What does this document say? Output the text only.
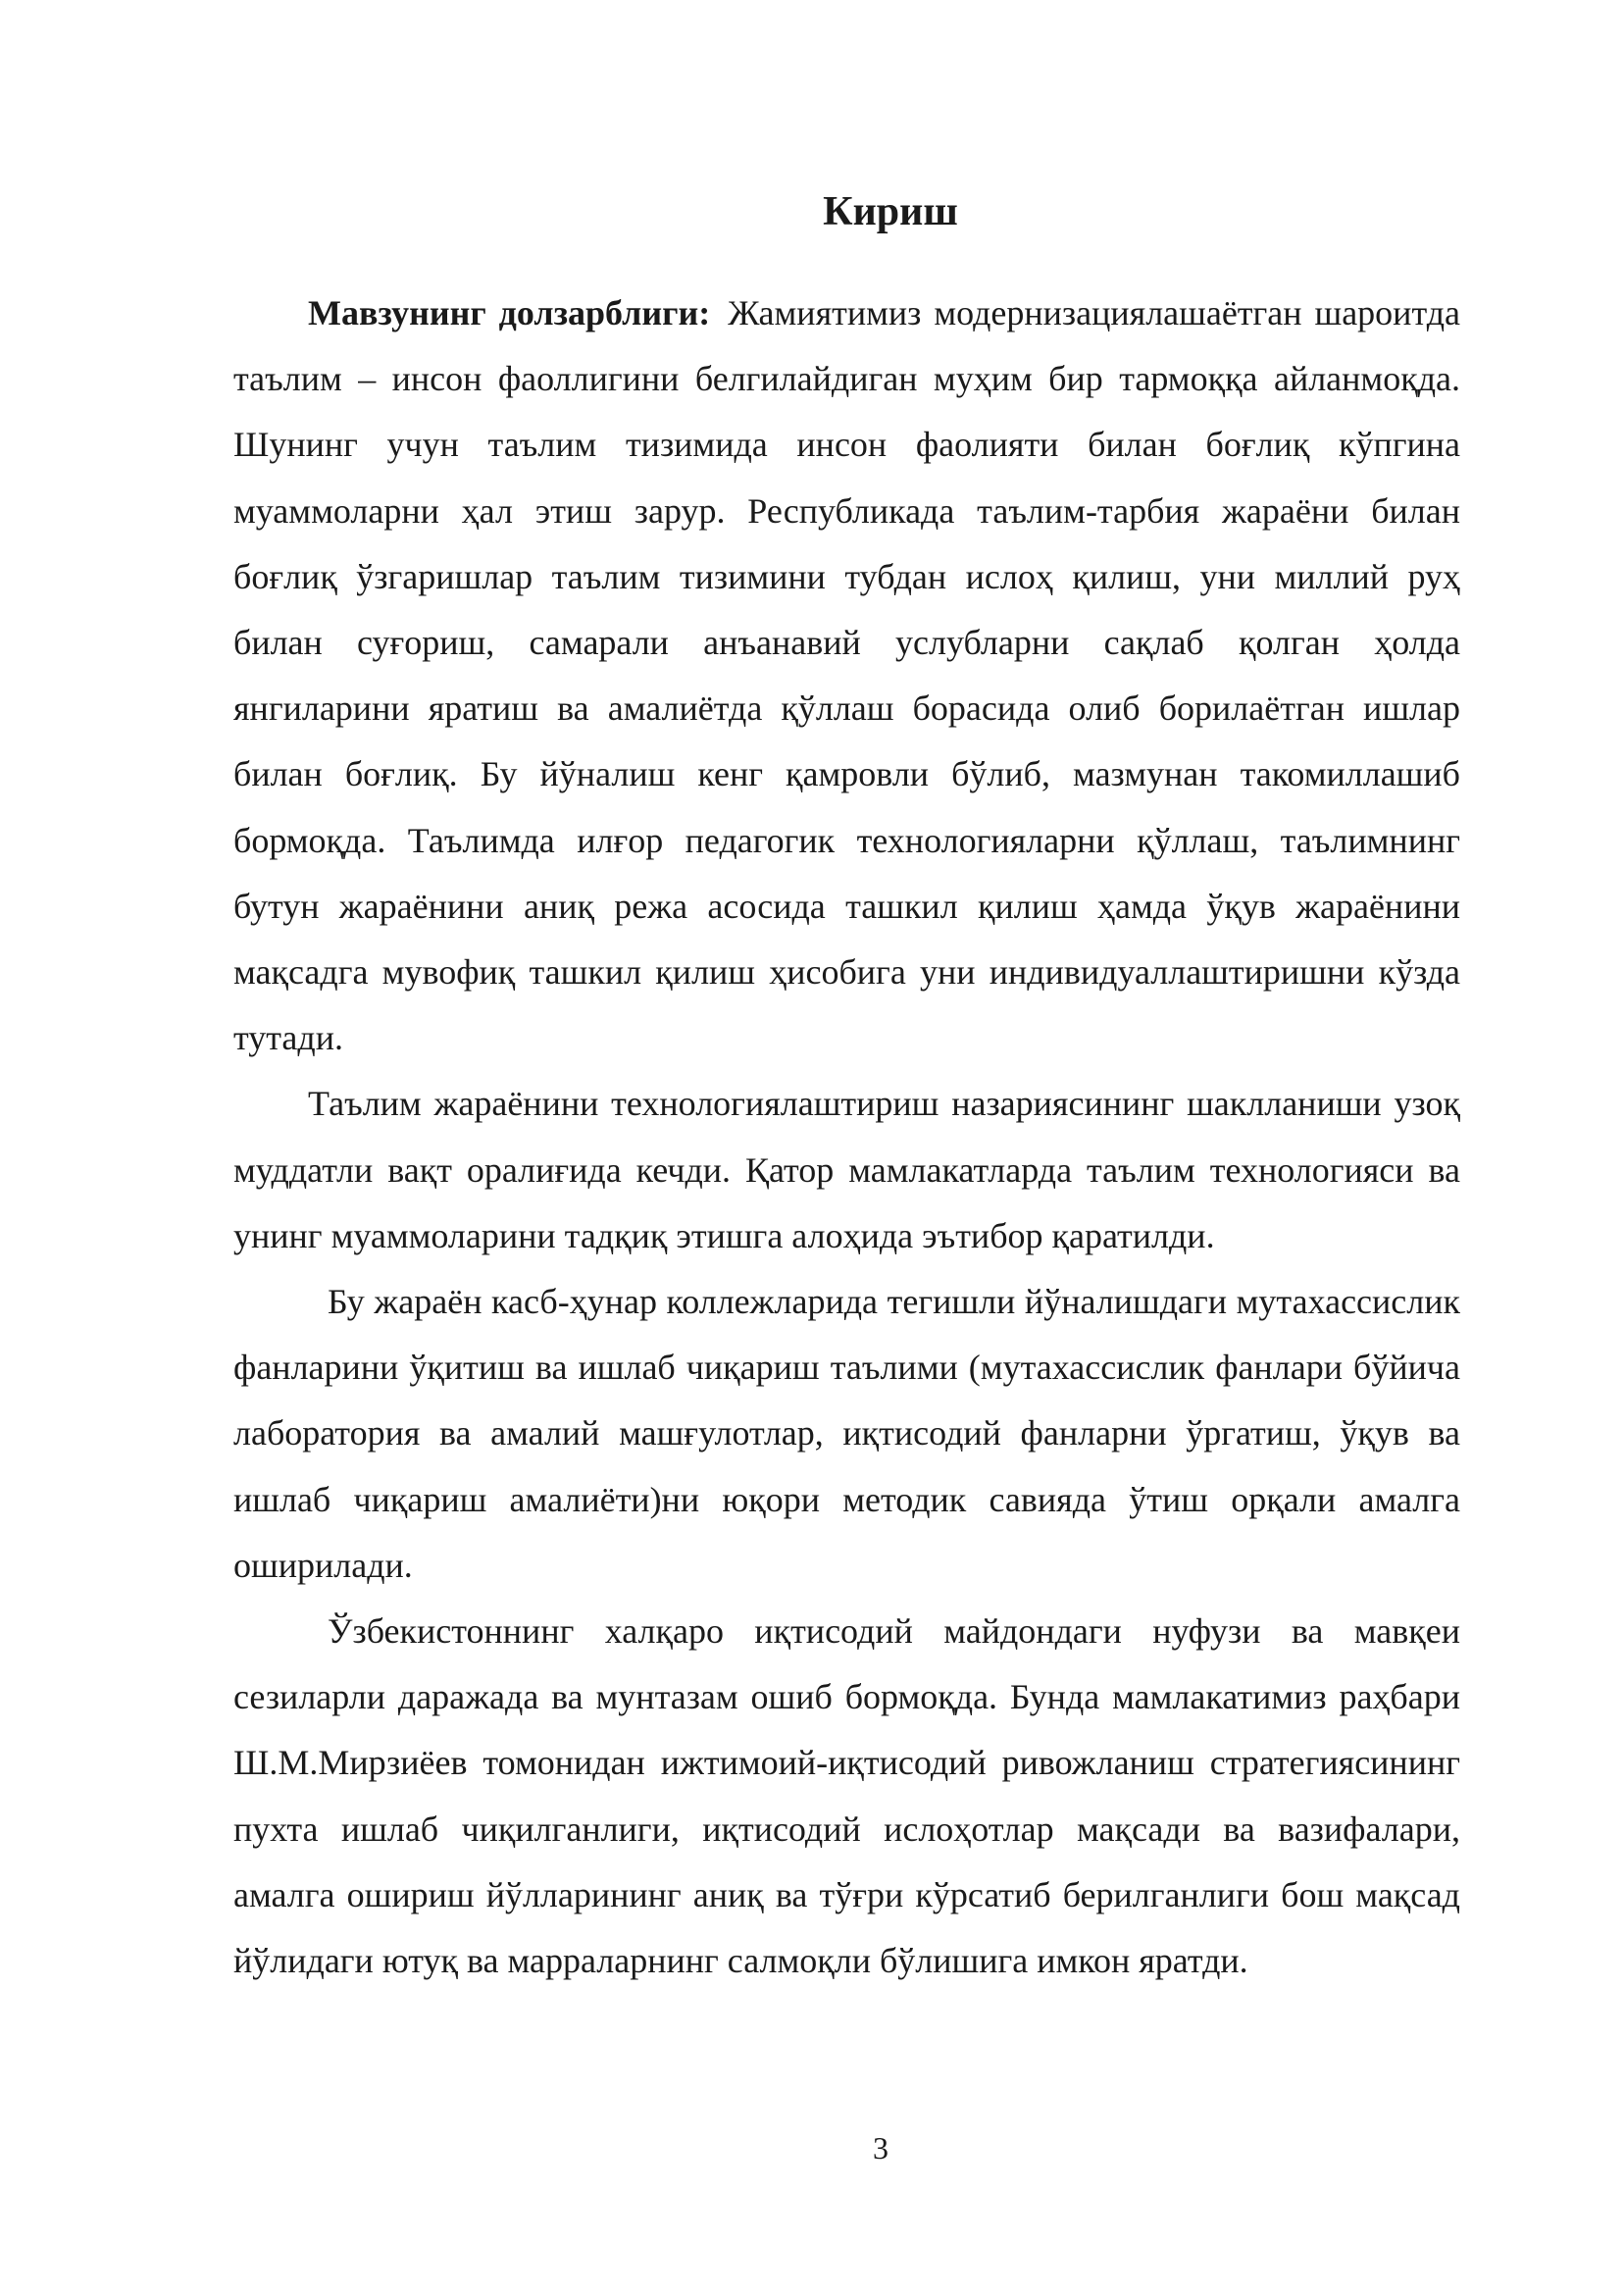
Кириш

Мавзунинг долзарблиги: Жамиятимиз модернизациялашаётган шароитда таълим – инсон фаоллигини белгилайдиган муҳим бир тармоққа айланмоқда. Шунинг учун таълим тизимида инсон фаолияти билан боғлиқ кўпгина муаммоларни ҳал этиш зарур. Республикада таълим-тарбия жараёни билан боғлиқ ўзгаришлар таълим тизимини тубдан ислоҳ қилиш, уни миллий руҳ билан суғориш, самарали анъанавий услубларни сақлаб қолган ҳолда янгиларини яратиш ва амалиётда қўллаш борасида олиб борилаётган ишлар билан боғлиқ. Бу йўналиш кенг қамровли бўлиб, мазмунан такомиллашиб бормоқда. Таълимда илғор педагогик технологияларни қўллаш, таълимнинг бутун жараёнини аниқ режа асосида ташкил қилиш ҳамда ўқув жараёнини мақсадга мувофиқ ташкил қилиш ҳисобига уни индивидуаллаштиришни кўзда тутади.

Таълим жараёнини технологиялаштириш назариясининг шаклланиши узоқ муддатли вақт оралиғида кечди. Қатор мамлакатларда таълим технологияси ва унинг муаммоларини тадқиқ этишга алоҳида эътибор қаратилди.

Бу жараён касб-ҳунар коллежларида тегишли йўналишдаги мутахассислик фанларини ўқитиш ва ишлаб чиқариш таълими (мутахассислик фанлари бўйича лаборатория ва амалий машғулотлар, иқтисодий фанларни ўргатиш, ўқув ва ишлаб чиқариш амалиёти)ни юқори методик савияда ўтиш орқали амалга оширилади.

Ўзбекистоннинг халқаро иқтисодий майдондаги нуфузи ва мавқеи сезиларли даражада ва мунтазам ошиб бормоқда. Бунда мамлакатимиз раҳбари Ш.М.Мирзиёев томонидан ижтимоий-иқтисодий ривожланиш стратегиясининг пухта ишлаб чиқилганлиги, иқтисодий ислоҳотлар мақсади ва вазифалари, амалга ошириш йўлларининг аниқ ва тўғри кўрсатиб берилганлиги бош мақсад йўлидаги ютуқ ва марраларнинг салмоқли бўлишига имкон яратди.

3
